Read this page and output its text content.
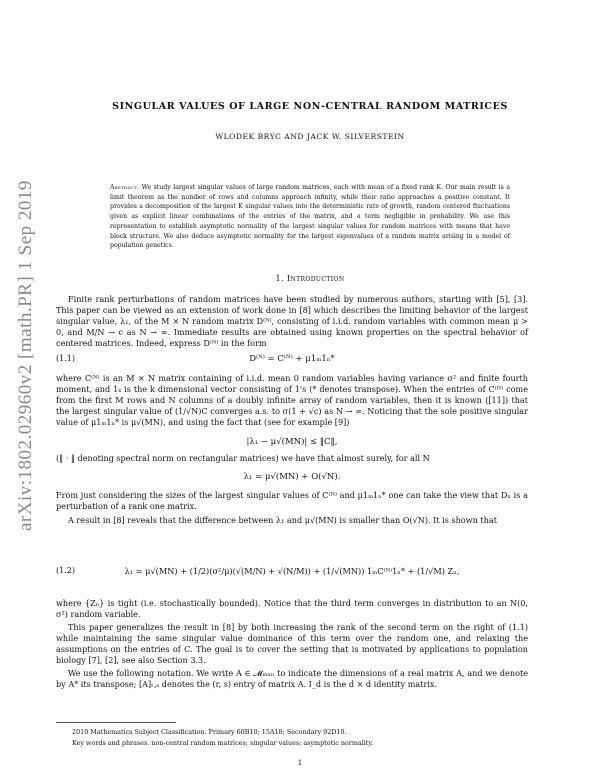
arXiv:1802.02960v2 [math.PR] 1 Sep 2019
SINGULAR VALUES OF LARGE NON-CENTRAL RANDOM MATRICES
WLODEK BRYC AND JACK W. SILVERSTEIN
Abstract. We study largest singular values of large random matrices, each with mean of a fixed rank K. Our main result is a limit theorem as the number of rows and columns approach infinity, while their ratio approaches a positive constant. It provides a decomposition of the largest K singular values into the deterministic rate of growth, random centered fluctuations given as explicit linear combinations of the entries of the matrix, and a term negligible in probability. We use this representation to establish asymptotic normality of the largest singular values for random matrices with means that have block structure. We also deduce asymptotic normality for the largest eigenvalues of a random matrix arising in a model of population genetics.
1. Introduction
Finite rank perturbations of random matrices have been studied by numerous authors, starting with [5], [3]. This paper can be viewed as an extension of work done in [8] which describes the limiting behavior of the largest singular value, λ₁, of the M × N random matrix D⁽ᴺ⁾, consisting of i.i.d. random variables with common mean μ > 0, and M/N → c as N → ∞. Immediate results are obtained using known properties on the spectral behavior of centered matrices. Indeed, express D⁽ᴺ⁾ in the form
(1.1)	D⁽ᴺ⁾ = C⁽ᴺ⁾ + μ1ₘ1ₙ*
where C⁽ᴺ⁾ is an M × N matrix containing of i.i.d. mean 0 random variables having variance σ² and finite fourth moment, and 1ₖ is the k dimensional vector consisting of 1's (* denotes transpose). When the entries of C⁽ᴺ⁾ come from the first M rows and N columns of a doubly infinite array of random variables, then it is known ([11]) that the largest singular value of (1/√N)C converges a.s. to σ(1 + √c) as N → ∞. Noticing that the sole positive singular value of μ1ₘ1ₙ* is μ√(MN), and using the fact that (see for example [9])
|λ₁ − μ√(MN)| ≤ ‖C‖,
(‖ · ‖ denoting spectral norm on rectangular matrices) we have that almost surely, for all N
λ₁ = μ√(MN) + O(√N).
From just considering the sizes of the largest singular values of C⁽ᴺ⁾ and μ1ₘ1ₙ* one can take the view that Dₙ is a perturbation of a rank one matrix.
A result in [8] reveals that the difference between λ₁ and μ√(MN) is smaller than O(√N). It is shown that
(1.2)	λ₁ = μ√(MN) + (1/2)(σ²/μ)(√(M/N) + √(N/M)) + (1/√(MN)) 1ₘC⁽ᴺ⁾1ₙ* + (1/√M) Zₙ,
where {Zₙ} is tight (i.e. stochastically bounded). Notice that the third term converges in distribution to an N(0, σ²) random variable.
This paper generalizes the result in [8] by both increasing the rank of the second term on the right of (1.1) while maintaining the same singular value dominance of this term over the random one, and relaxing the assumptions on the entries of C. The goal is to cover the setting that is motivated by applications to population biology [7], [2], see also Section 3.3.
We use the following notation. We write A ∈ 𝓜ₘₓₙ to indicate the dimensions of a real matrix A, and we denote by A* its transpose; [A]ᵣ,ₛ denotes the (r, s) entry of matrix A. I_d is the d × d identity matrix.
2010 Mathematics Subject Classification. Primary 60B10; 15A18; Secondary 92D10.
Key words and phrases. non-central random matrices; singular values; asymptotic normality.
1
